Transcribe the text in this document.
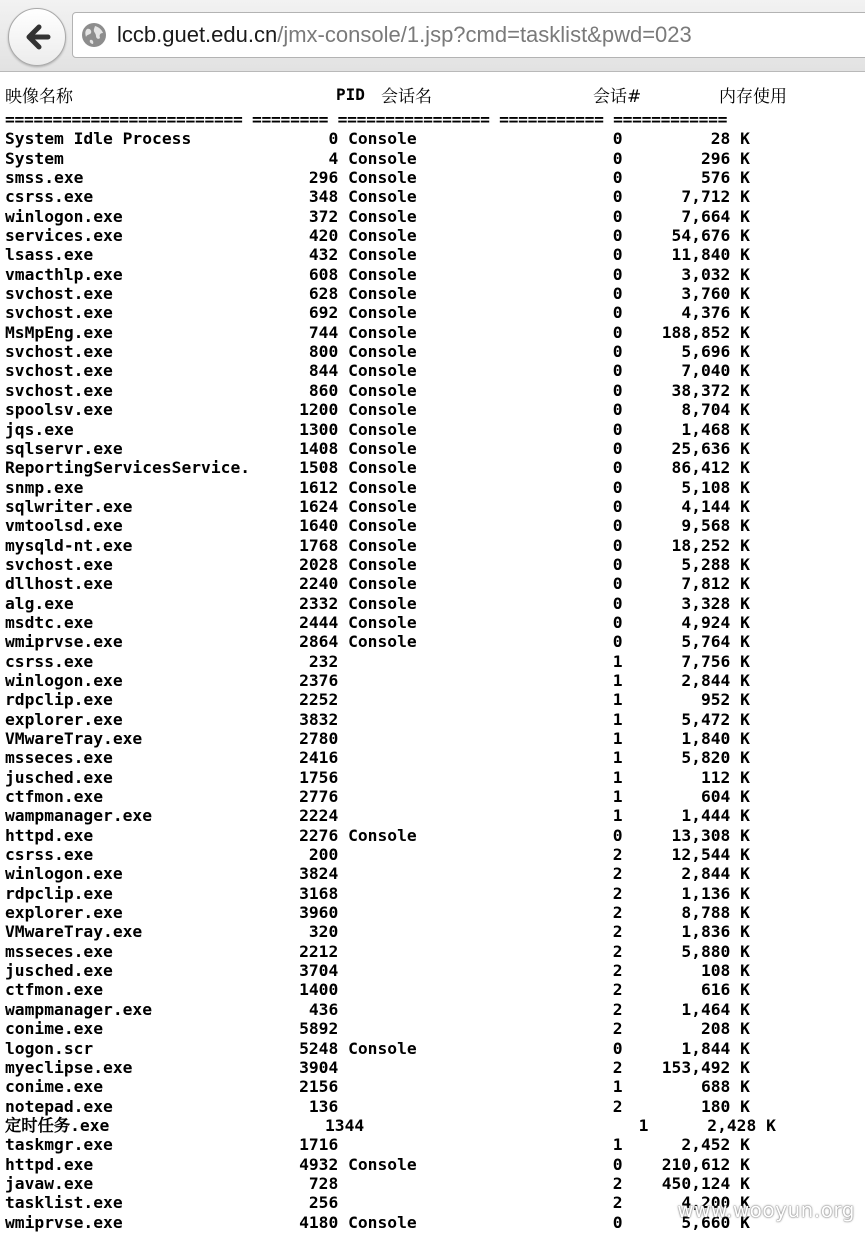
lccb.guet.edu.cn/jmx-console/1.jsp?cmd=tasklist&pwd=023
映像名称	PID 会话名	会话#	内存使用
========================= ======== ================ =========== ============
System Idle Process              0 Console                    0         28 K
System                           4 Console                    0        296 K
smss.exe                       296 Console                    0        576 K
csrss.exe                      348 Console                    0      7,712 K
winlogon.exe                   372 Console                    0      7,664 K
services.exe                   420 Console                    0     54,676 K
lsass.exe                      432 Console                    0     11,840 K
vmacthlp.exe                   608 Console                    0      3,032 K
svchost.exe                    628 Console                    0      3,760 K
svchost.exe                    692 Console                    0      4,376 K
MsMpEng.exe                    744 Console                    0    188,852 K
svchost.exe                    800 Console                    0      5,696 K
svchost.exe                    844 Console                    0      7,040 K
svchost.exe                    860 Console                    0     38,372 K
spoolsv.exe                   1200 Console                    0      8,704 K
jqs.exe                       1300 Console                    0      1,468 K
sqlservr.exe                  1408 Console                    0     25,636 K
ReportingServicesService.     1508 Console                    0     86,412 K
snmp.exe                      1612 Console                    0      5,108 K
sqlwriter.exe                 1624 Console                    0      4,144 K
vmtoolsd.exe                  1640 Console                    0      9,568 K
mysqld-nt.exe                 1768 Console                    0     18,252 K
svchost.exe                   2028 Console                    0      5,288 K
dllhost.exe                   2240 Console                    0      7,812 K
alg.exe                       2332 Console                    0      3,328 K
msdtc.exe                     2444 Console                    0      4,924 K
wmiprvse.exe                  2864 Console                    0      5,764 K
csrss.exe                      232                            1      7,756 K
winlogon.exe                  2376                            1      2,844 K
rdpclip.exe                   2252                            1        952 K
explorer.exe                  3832                            1      5,472 K
VMwareTray.exe                2780                            1      1,840 K
msseces.exe                   2416                            1      5,820 K
jusched.exe                   1756                            1        112 K
ctfmon.exe                    2776                            1        604 K
wampmanager.exe               2224                            1      1,444 K
httpd.exe                     2276 Console                    0     13,308 K
csrss.exe                      200                            2     12,544 K
winlogon.exe                  3824                            2      2,844 K
rdpclip.exe                   3168                            2      1,136 K
explorer.exe                  3960                            2      8,788 K
VMwareTray.exe                 320                            2      1,836 K
msseces.exe                   2212                            2      5,880 K
jusched.exe                   3704                            2        108 K
ctfmon.exe                    1400                            2        616 K
wampmanager.exe                436                            2      1,464 K
conime.exe                    5892                            2        208 K
logon.scr                     5248 Console                    0      1,844 K
myeclipse.exe                 3904                            2    153,492 K
conime.exe                    2156                            1        688 K
notepad.exe                    136                            2        180 K
定时任务.exe                      1344                            1      2,428 K
taskmgr.exe                   1716                            1      2,452 K
httpd.exe                     4932 Console                    0    210,612 K
javaw.exe                      728                            2    450,124 K
tasklist.exe                   256                            2      4,200 K
wmiprvse.exe                  4180 Console                    0      5,660 K
www.wooyun.org
